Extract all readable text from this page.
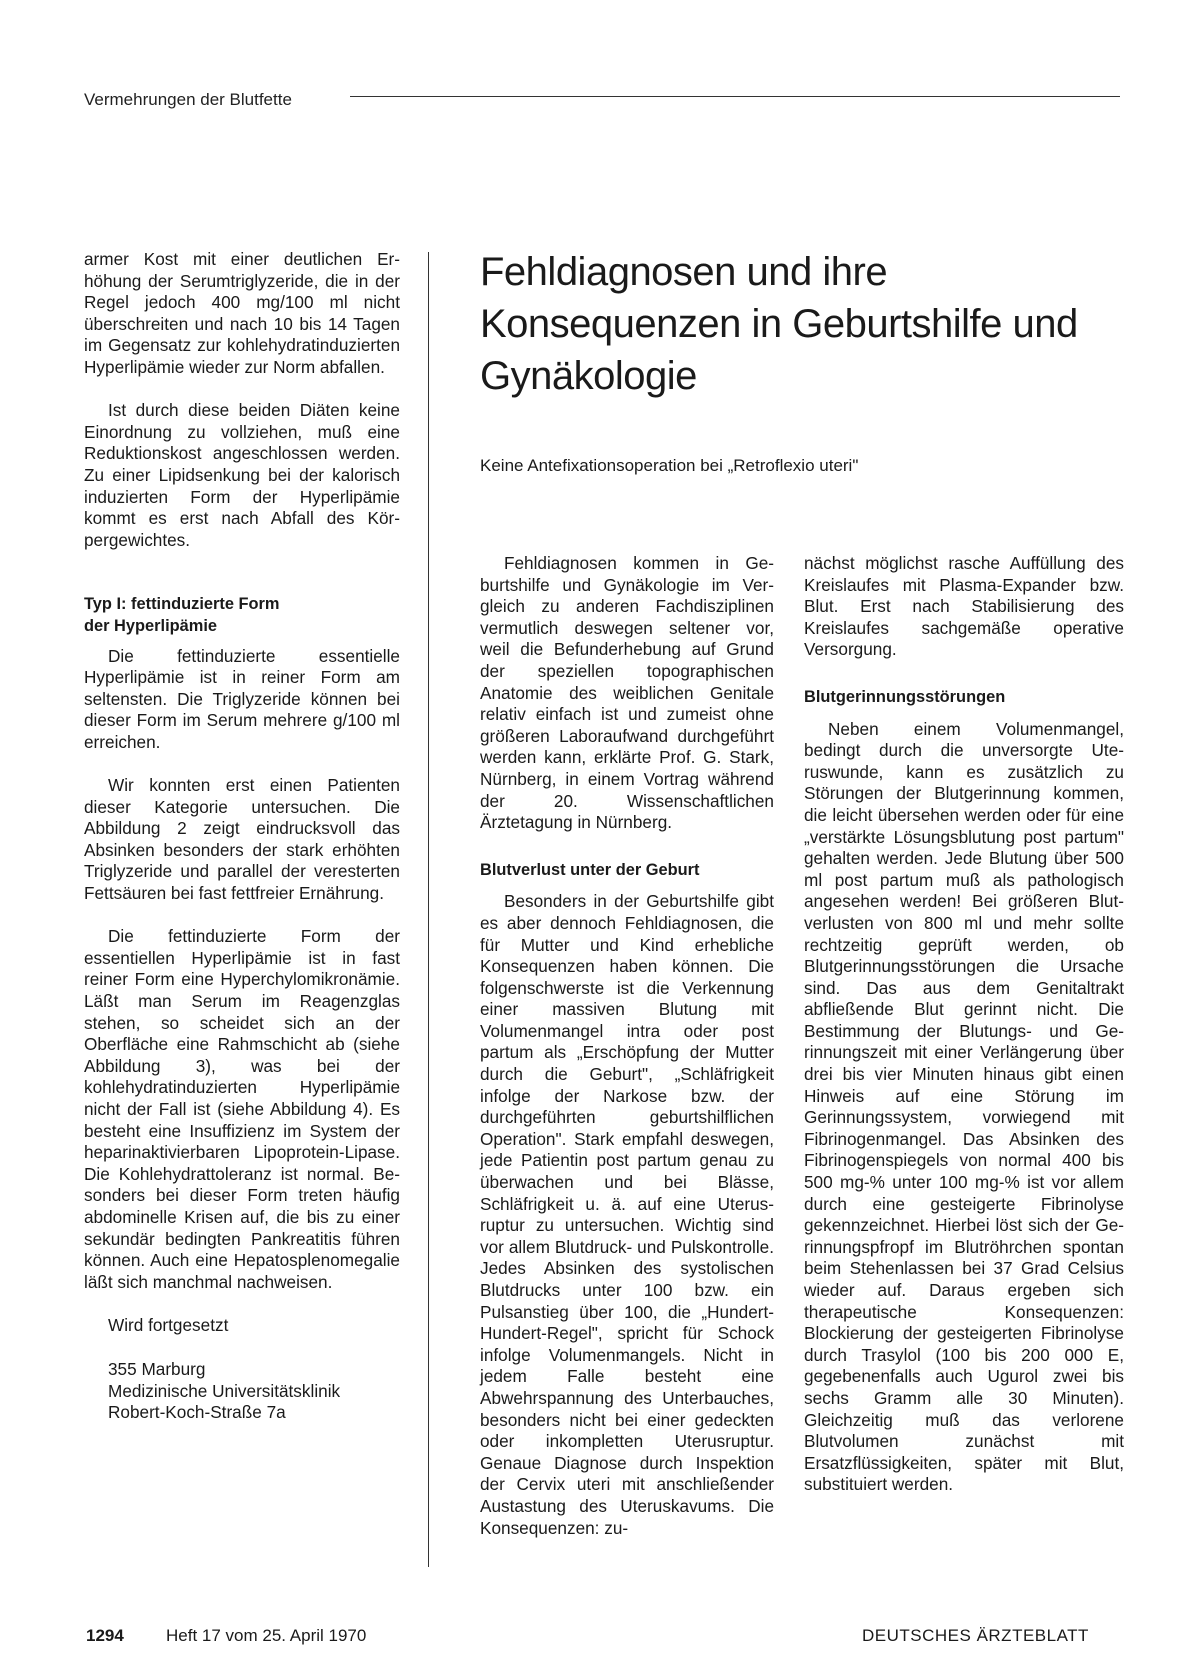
Vermehrungen der Blutfette

armer Kost mit einer deutlichen Erhöhung der Serumtriglyzeride, die in der Regel jedoch 400 mg/100 ml nicht überschreiten und nach 10 bis 14 Tagen im Gegensatz zur kohlehydratinduzierten Hyperlipämie wieder zur Norm abfallen.

Ist durch diese beiden Diäten keine Einordnung zu vollziehen, muß eine Reduktionskost angeschlossen werden. Zu einer Lipidsenkung bei der kalorisch induzierten Form der Hyperlipämie kommt es erst nach Abfall des Körpergewichtes.

Typ I: fettinduzierte Form
der Hyperlipämie

Die fettinduzierte essentielle Hyperlipämie ist in reiner Form am seltensten. Die Triglyzeride können bei dieser Form im Serum mehrere g/100 ml erreichen.

Wir konnten erst einen Patienten dieser Kategorie untersuchen. Die Abbildung 2 zeigt eindrucksvoll das Absinken besonders der stark erhöhten Triglyzeride und parallel der veresterten Fettsäuren bei fast fettfreier Ernährung.

Die fettinduzierte Form der essentiellen Hyperlipämie ist in fast reiner Form eine Hyperchylomikronämie. Läßt man Serum im Reagenzglas stehen, so scheidet sich an der Oberfläche eine Rahmschicht ab (siehe Abbildung 3), was bei der kohlehydratinduzierten Hyperlipämie nicht der Fall ist (siehe Abbildung 4). Es besteht eine Insuffizienz im System der heparinaktivierbaren Lipoprotein-Lipase. Die Kohlehydrattoleranz ist normal. Besonders bei dieser Form treten häufig abdominelle Krisen auf, die bis zu einer sekundär bedingten Pankreatitis führen können. Auch eine Hepatosplenomegalie läßt sich manchmal nachweisen.

Wird fortgesetzt

355 Marburg
Medizinische Universitätsklinik
Robert-Koch-Straße 7a
Fehldiagnosen und ihre Konsequenzen in Geburtshilfe und Gynäkologie
Keine Antefixationsoperation bei „Retroflexio uteri"

Fehldiagnosen kommen in Geburtshilfe und Gynäkologie im Vergleich zu anderen Fachdisziplinen vermutlich deswegen seltener vor, weil die Befunderhebung auf Grund der speziellen topographischen Anatomie des weiblichen Genitale relativ einfach ist und zumeist ohne größeren Laboraufwand durchgeführt werden kann, erklärte Prof. G. Stark, Nürnberg, in einem Vortrag während der 20. Wissenschaftlichen Ärztetagung in Nürnberg.

Blutverlust unter der Geburt

Besonders in der Geburtshilfe gibt es aber dennoch Fehldiagnosen, die für Mutter und Kind erhebliche Konsequenzen haben können. Die folgenschwerste ist die Verkennung einer massiven Blutung mit Volumenmangel intra oder post partum als „Erschöpfung der Mutter durch die Geburt", „Schläfrigkeit infolge der Narkose bzw. der durchgeführten geburtshilflichen Operation". Stark empfahl deswegen, jede Patientin post partum genau zu überwachen und bei Blässe, Schläfrigkeit u. ä. auf eine Uterusruptur zu untersuchen. Wichtig sind vor allem Blutdruck- und Pulskontrolle. Jedes Absinken des systolischen Blutdrucks unter 100 bzw. ein Pulsanstieg über 100, die „Hundert-Hundert-Regel", spricht für Schock infolge Volumenmangels. Nicht in jedem Falle besteht eine Abwehrspannung des Unterbauches, besonders nicht bei einer gedeckten oder inkompletten Uterusruptur. Genaue Diagnose durch Inspektion der Cervix uteri mit anschließender Austastung des Uteruskavums. Die Konsequenzen: zu-

nächst möglichst rasche Auffüllung des Kreislaufes mit Plasma-Expander bzw. Blut. Erst nach Stabilisierung des Kreislaufes sachgemäße operative Versorgung.

Blutgerinnungsstörungen

Neben einem Volumenmangel, bedingt durch die unversorgte Uteruswunde, kann es zusätzlich zu Störungen der Blutgerinnung kommen, die leicht übersehen werden oder für eine „verstärkte Lösungsblutung post partum" gehalten werden. Jede Blutung über 500 ml post partum muß als pathologisch angesehen werden! Bei größeren Blutverlusten von 800 ml und mehr sollte rechtzeitig geprüft werden, ob Blutgerinnungsstörungen die Ursache sind. Das aus dem Genitaltrakt abfließende Blut gerinnt nicht. Die Bestimmung der Blutungs- und Gerinnungszeit mit einer Verlängerung über drei bis vier Minuten hinaus gibt einen Hinweis auf eine Störung im Gerinnungssystem, vorwiegend mit Fibrinogenmangel. Das Absinken des Fibrinogenspiegels von normal 400 bis 500 mg-% unter 100 mg-% ist vor allem durch eine gesteigerte Fibrinolyse gekennzeichnet. Hierbei löst sich der Gerinnungspfropf im Blutröhrchen spontan beim Stehenlassen bei 37 Grad Celsius wieder auf. Daraus ergeben sich therapeutische Konsequenzen: Blockierung der gesteigerten Fibrinolyse durch Trasylol (100 bis 200 000 E, gegebenenfalls auch Ugurol zwei bis sechs Gramm alle 30 Minuten). Gleichzeitig muß das verlorene Blutvolumen zunächst mit Ersatzflüssigkeiten, später mit Blut, substituiert werden.

1294 Heft 17 vom 25. April 1970	DEUTSCHES ÄRZTEBLATT
